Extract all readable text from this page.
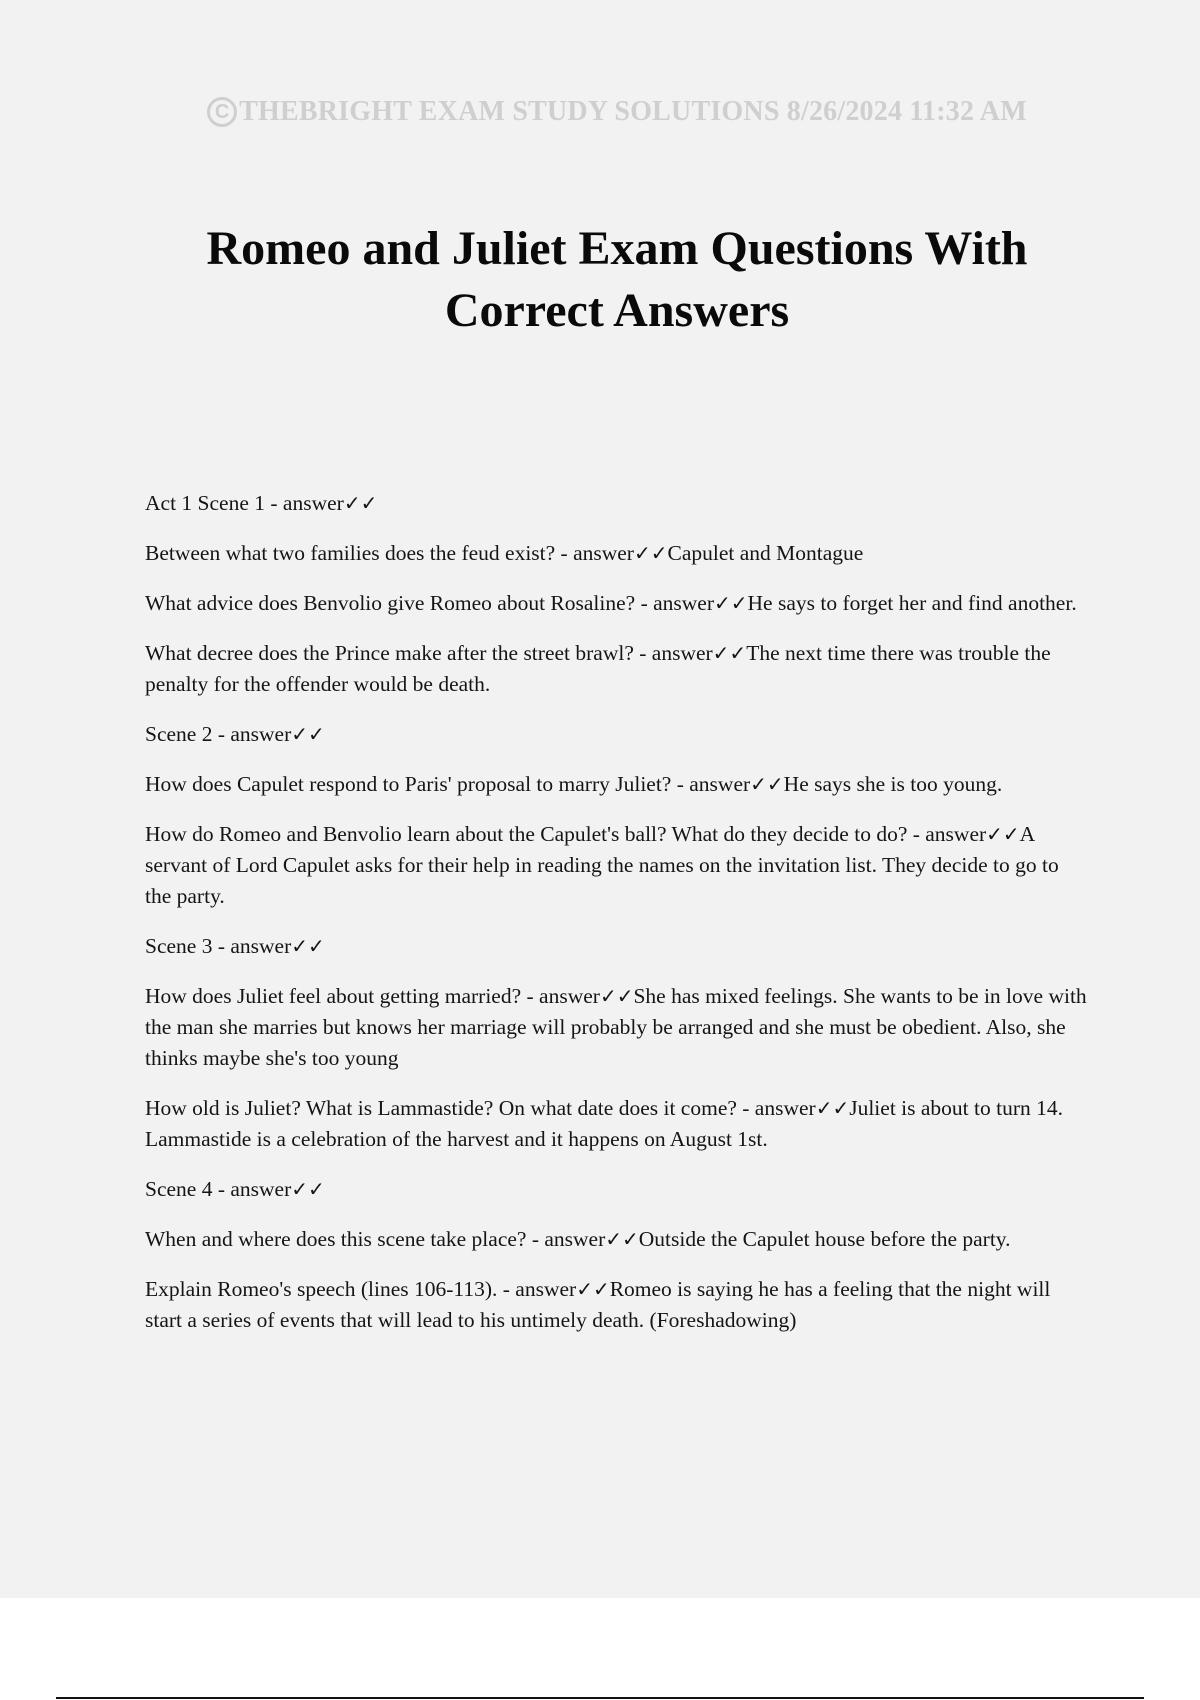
C THEBRIGHT EXAM STUDY SOLUTIONS 8/26/2024 11:32 AM
Romeo and Juliet Exam Questions With
Correct Answers
Act 1 Scene 1 - answer✓✓
Between what two families does the feud exist? - answer✓✓Capulet and Montague
What advice does Benvolio give Romeo about Rosaline? - answer✓✓He says to forget her and find another.
What decree does the Prince make after the street brawl? - answer✓✓The next time there was trouble the penalty for the offender would be death.
Scene 2 - answer✓✓
How does Capulet respond to Paris' proposal to marry Juliet? - answer✓✓He says she is too young.
How do Romeo and Benvolio learn about the Capulet's ball? What do they decide to do? - answer✓✓A servant of Lord Capulet asks for their help in reading the names on the invitation list. They decide to go to the party.
Scene 3 - answer✓✓
How does Juliet feel about getting married? - answer✓✓She has mixed feelings. She wants to be in love with the man she marries but knows her marriage will probably be arranged and she must be obedient. Also, she thinks maybe she's too young
How old is Juliet? What is Lammastide? On what date does it come? - answer✓✓Juliet is about to turn 14. Lammastide is a celebration of the harvest and it happens on August 1st.
Scene 4 - answer✓✓
When and where does this scene take place? - answer✓✓Outside the Capulet house before the party.
Explain Romeo's speech (lines 106-113). - answer✓✓Romeo is saying he has a feeling that the night will start a series of events that will lead to his untimely death. (Foreshadowing)
